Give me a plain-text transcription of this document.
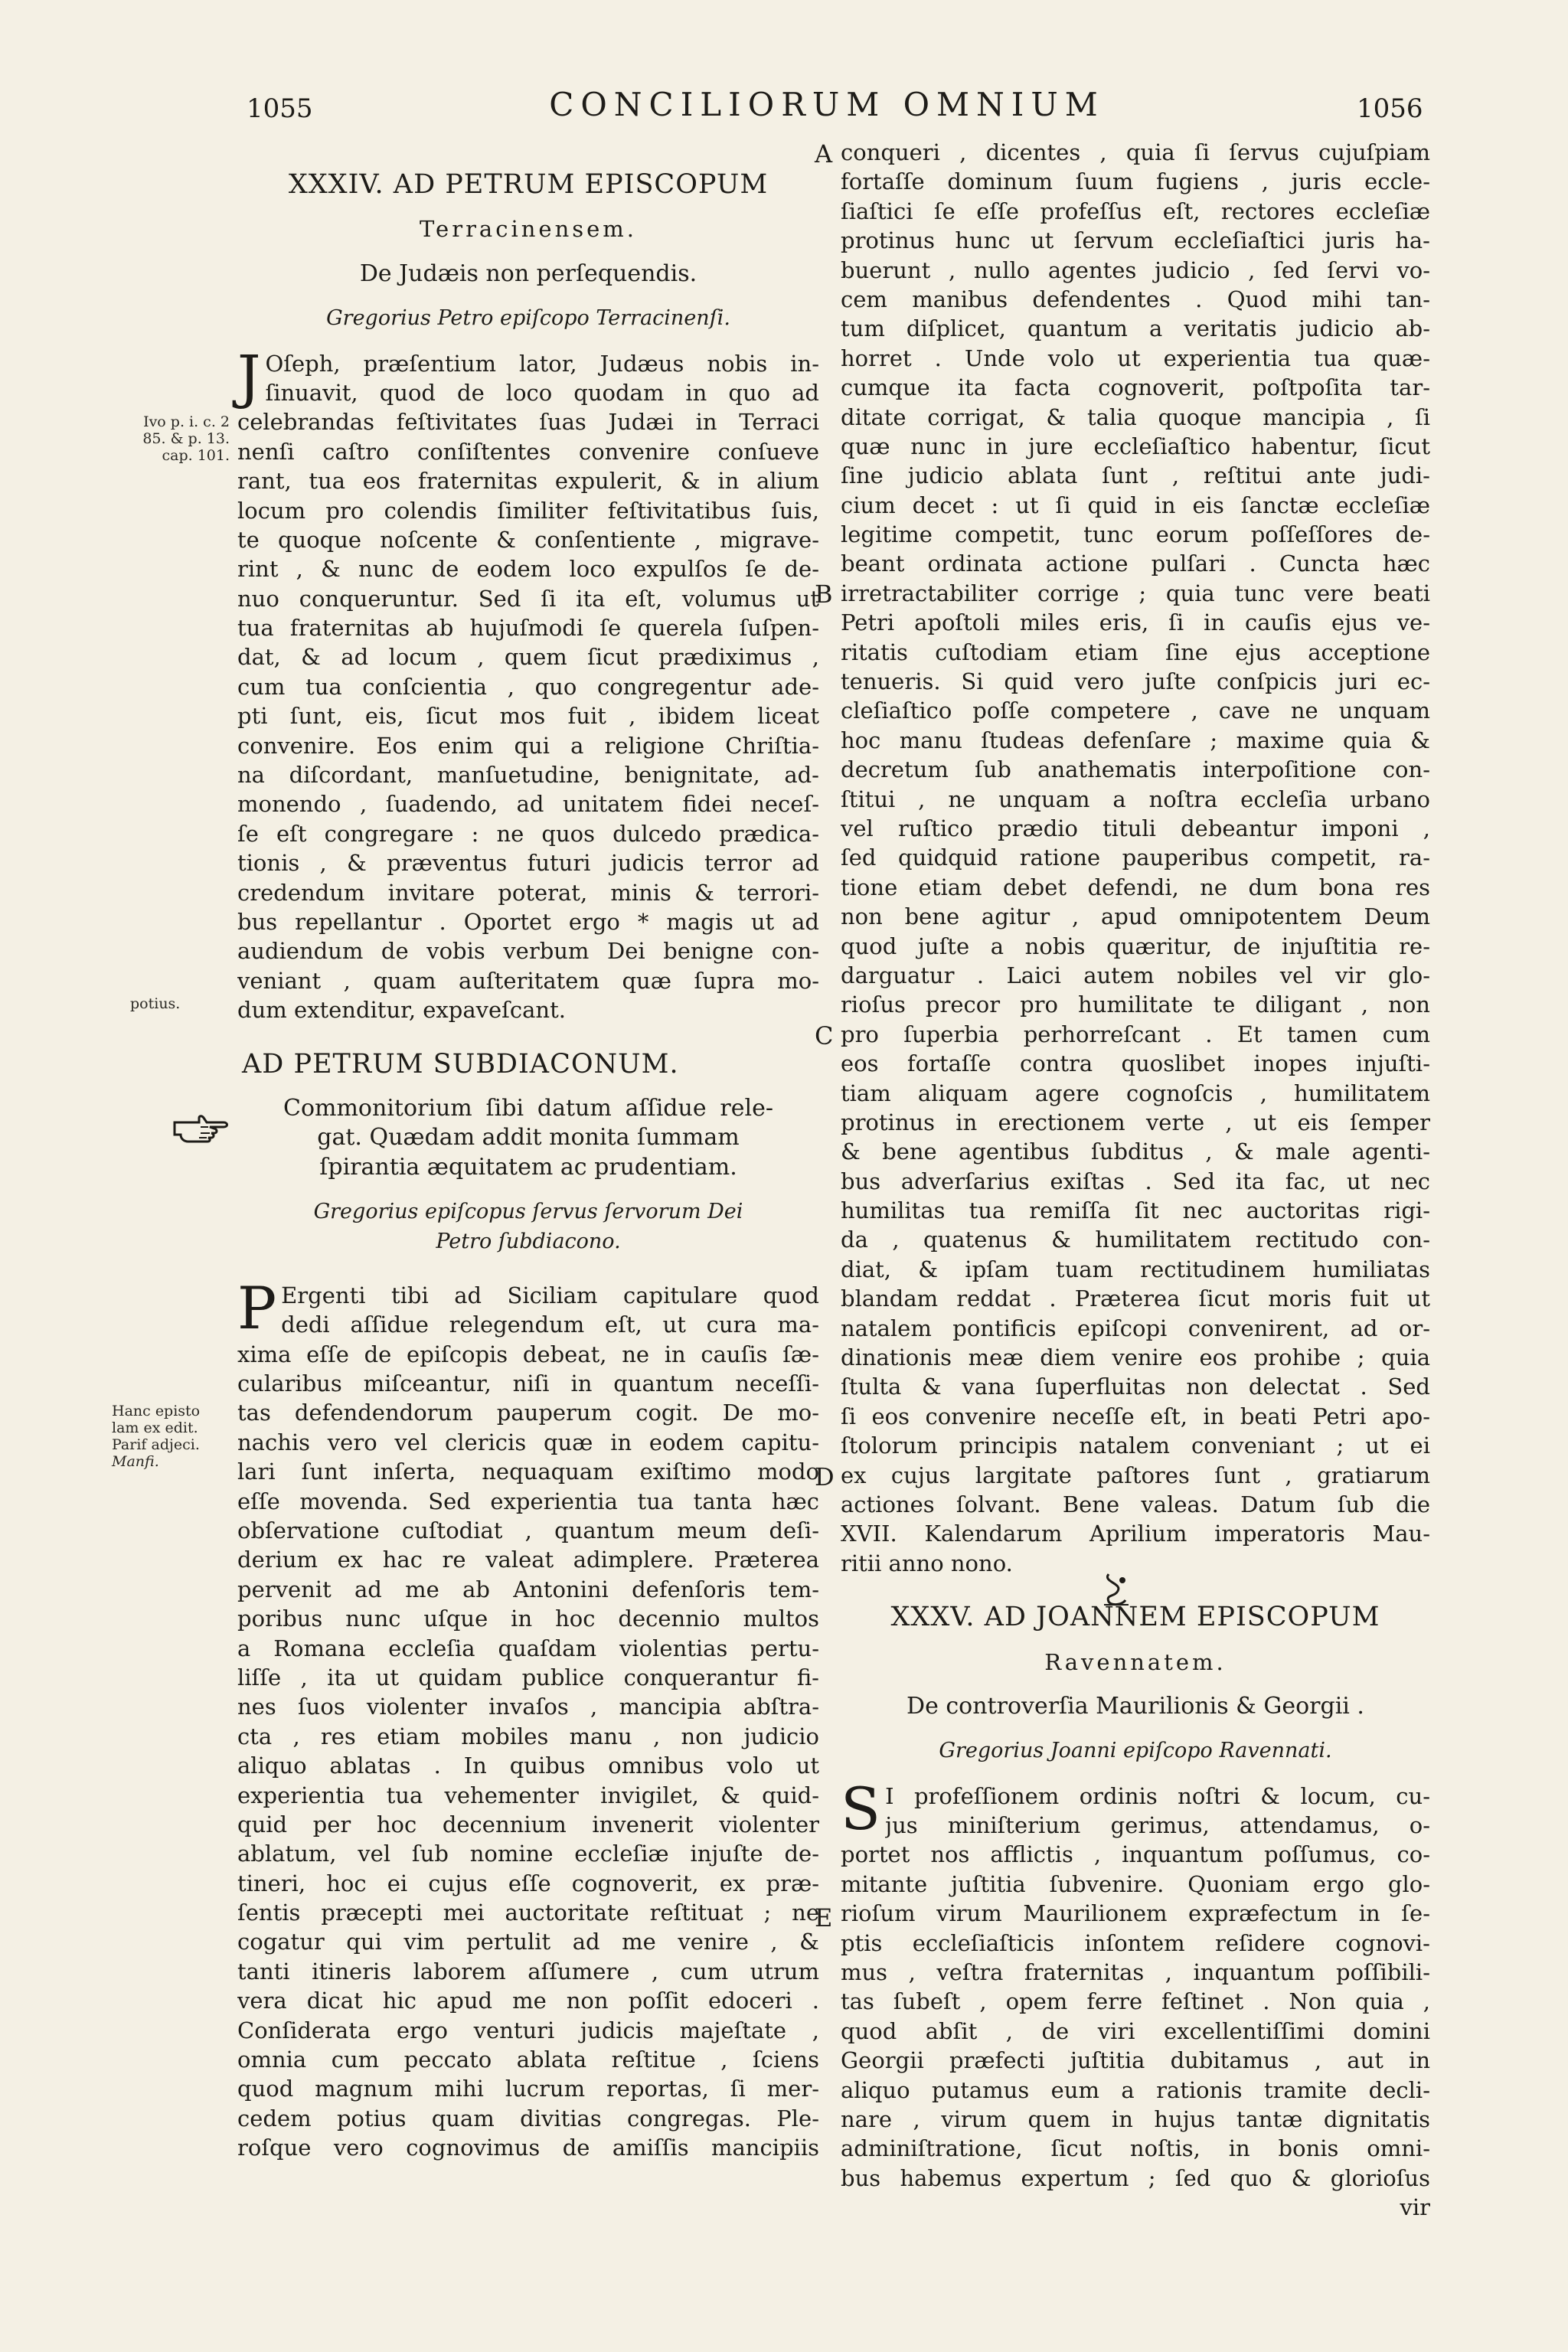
1055	CONCILIORUM OMNIUM	1056
A
B
C
D
E
Ivo p. i. c. 2
85. & p. 13.
cap. 101.
potius.
Hanc episto
lam ex edit.
Parif adjeci.
Manfi.
XXXIV. AD PETRUM EPISCOPUM
Terracinensem.
De Judæis non perſequendis.
Gregorius Petro epiſcopo Terracinenſi.
J Oſeph, præſentium lator, Judæus nobis in-
ſinuavit, quod de loco quodam in quo ad
celebrandas feſtivitates ſuas Judæi in Terraci
nenſi caſtro conſiſtentes convenire conſueve
rant, tua eos fraternitas expulerit, & in alium
locum pro colendis ſimiliter feſtivitatibus ſuis,
te quoque noſcente & conſentiente , migrave-
rint , & nunc de eodem loco expulſos ſe de-
nuo conqueruntur. Sed ſi ita eſt, volumus ut
tua fraternitas ab hujuſmodi ſe querela ſuſpen-
dat, & ad locum , quem ſicut prædiximus ,
cum tua conſcientia , quo congregentur ade-
pti ſunt, eis, ſicut mos fuit , ibidem liceat
convenire. Eos enim qui a religione Chriſtia-
na diſcordant, manſuetudine, benignitate, ad-
monendo , ſuadendo, ad unitatem fidei neceſ-
ſe eſt congregare : ne quos dulcedo prædica-
tionis , & præventus futuri judicis terror ad
credendum invitare poterat, minis & terrori-
bus repellantur . Oportet ergo * magis ut ad
audiendum de vobis verbum Dei benigne con-
veniant , quam auſteritatem quæ ſupra mo-
dum extenditur, expaveſcant.
AD PETRUM SUBDIACONUM.
Commonitorium ſibi datum aſſidue rele-
gat. Quædam addit monita ſummam
ſpirantia æquitatem ac prudentiam.
Gregorius epiſcopus ſervus ſervorum Dei
Petro ſubdiacono.
P Ergenti tibi ad Siciliam capitulare quod
dedi aſſidue relegendum eſt, ut cura ma-
xima eſſe de epiſcopis debeat, ne in cauſis ſæ-
cularibus miſceantur, niſi in quantum neceſſi-
tas defendendorum pauperum cogit. De mo-
nachis vero vel clericis quæ in eodem capitu-
lari ſunt inſerta, nequaquam exiſtimo modo
eſſe movenda. Sed experientia tua tanta hæc
obſervatione cuſtodiat , quantum meum deſi-
derium ex hac re valeat adimplere. Præterea
pervenit ad me ab Antonini defenſoris tem-
poribus nunc uſque in hoc decennio multos
a Romana eccleſia quaſdam violentias pertu-
liſſe , ita ut quidam publice conquerantur fi-
nes ſuos violenter invaſos , mancipia abſtra-
cta , res etiam mobiles manu , non judicio
aliquo ablatas . In quibus omnibus volo ut
experientia tua vehementer invigilet, & quid-
quid per hoc decennium invenerit violenter
ablatum, vel ſub nomine eccleſiæ injuſte de-
tineri, hoc ei cujus eſſe cognoverit, ex præ-
ſentis præcepti mei auctoritate reſtituat ; ne
cogatur qui vim pertulit ad me venire , &
tanti itineris laborem aſſumere , cum utrum
vera dicat hic apud me non poſſit edoceri .
Conſiderata ergo venturi judicis majeſtate ,
omnia cum peccato ablata reſtitue , ſciens
quod magnum mihi lucrum reportas, ſi mer-
cedem potius quam divitias congregas. Ple-
roſque vero cognovimus de amiſſis mancipiis
conqueri , dicentes , quia ſi ſervus cujuſpiam
fortaſſe dominum ſuum fugiens , juris eccle-
ſiaſtici ſe eſſe profeſſus eſt, rectores eccleſiæ
protinus hunc ut ſervum eccleſiaſtici juris ha-
buerunt , nullo agentes judicio , ſed ſervi vo-
cem manibus defendentes . Quod mihi tan-
tum diſplicet, quantum a veritatis judicio ab-
horret . Unde volo ut experientia tua quæ-
cumque ita facta cognoverit, poſtpoſita tar-
ditate corrigat, & talia quoque mancipia , ſi
quæ nunc in jure eccleſiaſtico habentur, ſicut
ſine judicio ablata ſunt , reſtitui ante judi-
cium decet : ut ſi quid in eis ſanctæ eccleſiæ
legitime competit, tunc eorum poſſeſſores de-
beant ordinata actione pulſari . Cuncta hæc
irretractabiliter corrige ; quia tunc vere beati
Petri apoſtoli miles eris, ſi in cauſis ejus ve-
ritatis cuſtodiam etiam ſine ejus acceptione
tenueris. Si quid vero juſte conſpicis juri ec-
cleſiaſtico poſſe competere , cave ne unquam
hoc manu ſtudeas defenſare ; maxime quia &
decretum ſub anathematis interpoſitione con-
ſtitui , ne unquam a noſtra eccleſia urbano
vel ruſtico prædio tituli debeantur imponi ,
ſed quidquid ratione pauperibus competit, ra-
tione etiam debet defendi, ne dum bona res
non bene agitur , apud omnipotentem Deum
quod juſte a nobis quæritur, de injuſtitia re-
darguatur . Laici autem nobiles vel vir glo-
rioſus precor pro humilitate te diligant , non
pro ſuperbia perhorreſcant . Et tamen cum
eos fortaſſe contra quoslibet inopes injuſti-
tiam aliquam agere cognoſcis , humilitatem
protinus in erectionem verte , ut eis ſemper
& bene agentibus ſubditus , & male agenti-
bus adverſarius exiſtas . Sed ita fac, ut nec
humilitas tua remiſſa ſit nec auctoritas rigi-
da , quatenus & humilitatem rectitudo con-
diat, & ipſam tuam rectitudinem humiliatas
blandam reddat . Præterea ſicut moris fuit ut
natalem pontificis epiſcopi convenirent, ad or-
dinationis meæ diem venire eos prohibe ; quia
ſtulta & vana ſuperfluitas non delectat . Sed
ſi eos convenire neceſſe eſt, in beati Petri apo-
ſtolorum principis natalem conveniant ; ut ei
ex cujus largitate paſtores ſunt , gratiarum
actiones ſolvant. Bene valeas. Datum ſub die
XVII. Kalendarum Aprilium imperatoris Mau-
ritii anno nono.
XXXV. AD JOANNEM EPISCOPUM
Ravennatem.
De controverſia Maurilionis & Georgii .
Gregorius Joanni epiſcopo Ravennati.
S I profeſſionem ordinis noſtri & locum, cu-
jus miniſterium gerimus, attendamus, o-
portet nos afflictis , inquantum poſſumus, co-
mitante juſtitia ſubvenire. Quoniam ergo glo-
rioſum virum Maurilionem expræfectum in ſe-
ptis eccleſiaſticis inſontem reſidere cognovi-
mus , veſtra fraternitas , inquantum poſſibili-
tas ſubeſt , opem ferre feſtinet . Non quia ,
quod abſit , de viri excellentiſſimi domini
Georgii præfecti juſtitia dubitamus , aut in
aliquo putamus eum a rationis tramite decli-
nare , virum quem in hujus tantæ dignitatis
adminiſtratione, ſicut noſtis, in bonis omni-
bus habemus expertum ; ſed quo & glorioſus
vir
